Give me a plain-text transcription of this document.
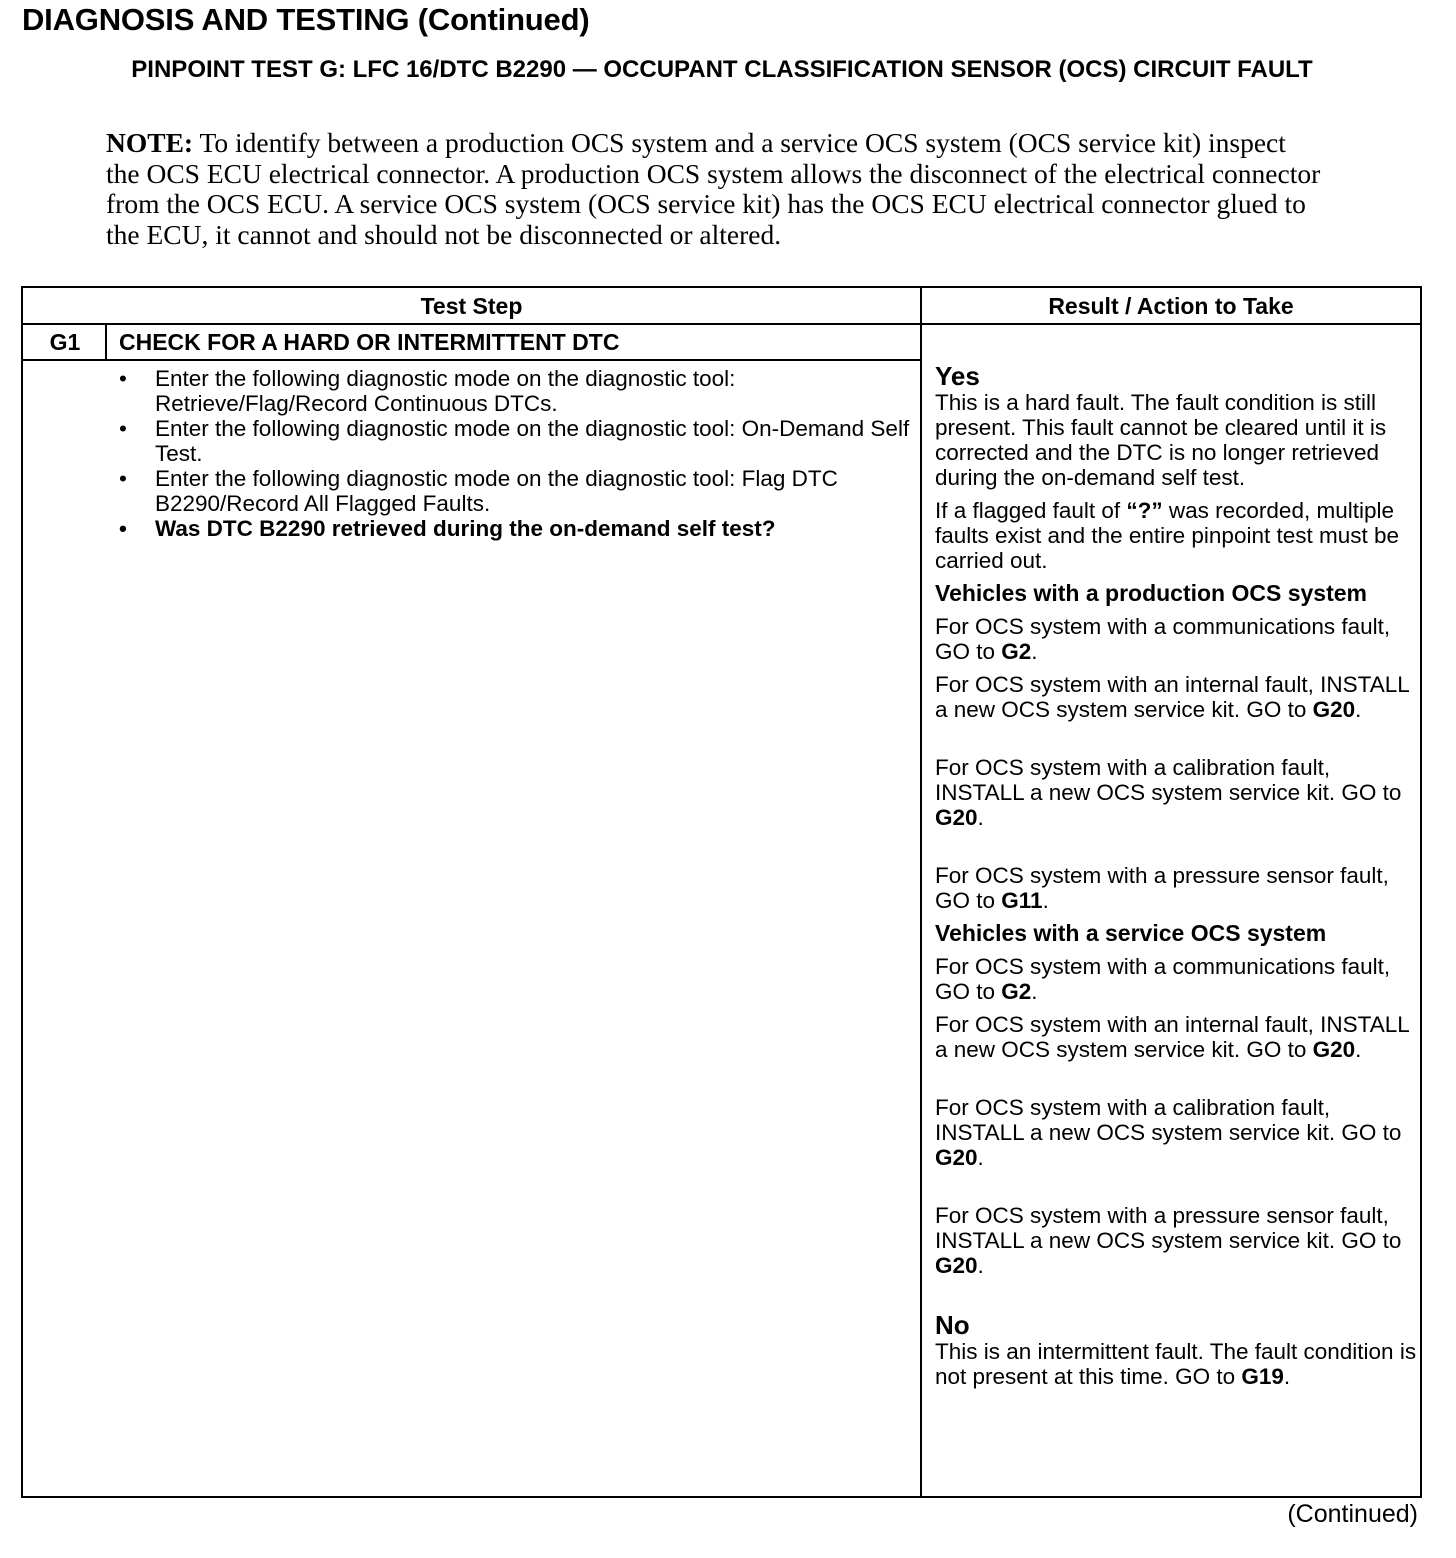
DIAGNOSIS AND TESTING (Continued)
PINPOINT TEST G: LFC 16/DTC B2290 — OCCUPANT CLASSIFICATION SENSOR (OCS) CIRCUIT FAULT
NOTE: To identify between a production OCS system and a service OCS system (OCS service kit) inspect the OCS ECU electrical connector. A production OCS system allows the disconnect of the electrical connector from the OCS ECU. A service OCS system (OCS service kit) has the OCS ECU electrical connector glued to the ECU, it cannot and should not be disconnected or altered.
Test Step	Result / Action to Take
G1	CHECK FOR A HARD OR INTERMITTENT DTC
• Enter the following diagnostic mode on the diagnostic tool: Retrieve/Flag/Record Continuous DTCs.
• Enter the following diagnostic mode on the diagnostic tool: On-Demand Self Test.
• Enter the following diagnostic mode on the diagnostic tool: Flag DTC B2290/Record All Flagged Faults.
• Was DTC B2290 retrieved during the on-demand self test?

Yes

This is a hard fault. The fault condition is still present. This fault cannot be cleared until it is corrected and the DTC is no longer retrieved during the on-demand self test.

If a flagged fault of “?” was recorded, multiple faults exist and the entire pinpoint test must be carried out.

Vehicles with a production OCS system

For OCS system with a communications fault, GO to G2.

For OCS system with an internal fault, INSTALL a new OCS system service kit. GO to G20.

For OCS system with a calibration fault, INSTALL a new OCS system service kit. GO to G20.

For OCS system with a pressure sensor fault, GO to G11.

Vehicles with a service OCS system

For OCS system with a communications fault, GO to G2.

For OCS system with an internal fault, INSTALL a new OCS system service kit. GO to G20.

For OCS system with a calibration fault, INSTALL a new OCS system service kit. GO to G20.

For OCS system with a pressure sensor fault, INSTALL a new OCS system service kit. GO to G20.

No

This is an intermittent fault. The fault condition is not present at this time. GO to G19.

(Continued)
